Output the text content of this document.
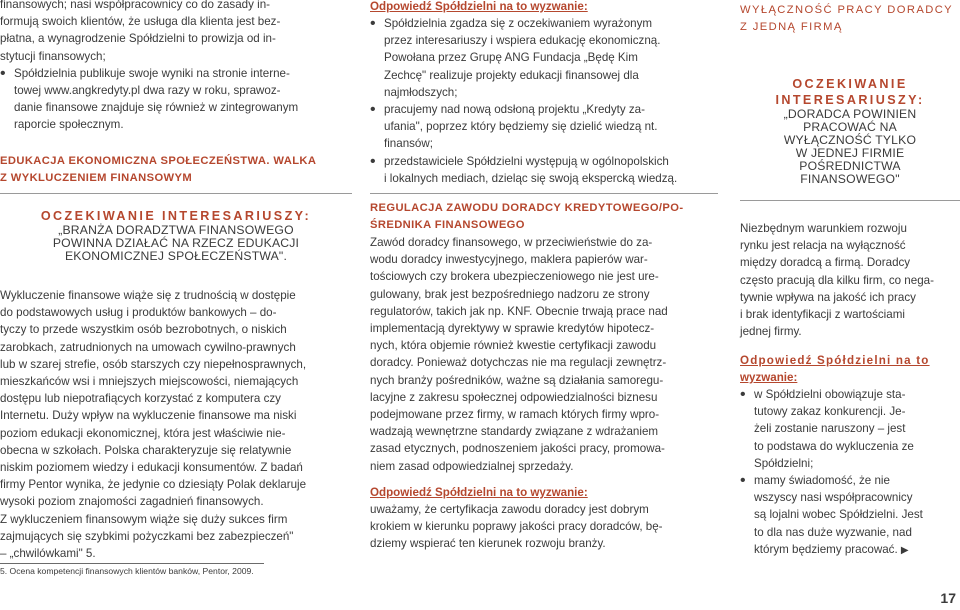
finansowych; nasi współpracownicy co do zasady in-

formują swoich klientów, że usługa dla klienta jest bez-

płatna, a wynagrodzenie Spółdzielni to prowizja od in-

stytucji finansowych;

• Spółdzielnia publikuje swoje wyniki na stronie interne-

towej www.angkredyty.pl dwa razy w roku, sprawoz-

danie finansowe znajduje się również w zintegrowanym

raporcie społecznym.

EDUKACJA EKONOMICZNA SPOŁECZEŃSTWA. WALKA

Z WYKLUCZENIEM FINANSOWYM

OCZEKIWANIE INTERESARIUSZY:

„BRANŻA DORADZTWA FINANSOWEGO

POWINNA DZIAŁAĆ NA RZECZ EDUKACJI

EKONOMICZNEJ SPOŁECZEŃSTWA".

Wykluczenie finansowe wiąże się z trudnością w dostępie

do podstawowych usług i produktów bankowych – do-

tyczy to przede wszystkim osób bezrobotnych, o niskich

zarobkach, zatrudnionych na umowach cywilno-prawnych

lub w szarej strefie, osób starszych czy niepełnosprawnych,

mieszkańców wsi i mniejszych miejscowości, niemających

dostępu lub niepotrafiących korzystać z komputera czy

Internetu. Duży wpływ na wykluczenie finansowe ma niski

poziom edukacji ekonomicznej, która jest właściwie nie-

obecna w szkołach. Polska charakteryzuje się relatywnie

niskim poziomem wiedzy i edukacji konsumentów. Z badań

firmy Pentor wynika, że jedynie co dziesiąty Polak deklaruje

wysoki poziom znajomości zagadnień finansowych.

Z wykluczeniem finansowym wiąże się duży sukces firm

zajmujących się szybkimi pożyczkami bez zabezpieczeń"

– „chwilówkami" 5.

Odpowiedź Spółdzielni na to wyzwanie:

• Spółdzielnia zgadza się z oczekiwaniem wyrażonym

przez interesariuszy i wspiera edukację ekonomiczną.

Powołana przez Grupę ANG Fundacja „Będę Kim

Zechcę" realizuje projekty edukacji finansowej dla

najmłodszych;

• pracujemy nad nową odsłoną projektu „Kredyty za-

ufania", poprzez który będziemy się dzielić wiedzą nt.

finansów;

• przedstawiciele Spółdzielni występują w ogólnopolskich

i lokalnych mediach, dzieląc się swoją ekspercką wiedzą.

REGULACJA ZAWODU DORADCY KREDYTOWEGO/PO-

ŚREDNIKA FINANSOWEGO

Zawód doradcy finansowego, w przeciwieństwie do za-

wodu doradcy inwestycyjnego, maklera papierów war-

tościowych czy brokera ubezpieczeniowego nie jest ure-

gulowany, brak jest bezpośredniego nadzoru ze strony

regulatorów, takich jak np. KNF. Obecnie trwają prace nad

implementacją dyrektywy w sprawie kredytów hipotecz-

nych, która objemie również kwestie certyfikacji zawodu

doradcy. Ponieważ dotychczas nie ma regulacji zewnętrz-

nych branży pośredników, ważne są działania samoregu-

lacyjne z zakresu społecznej odpowiedzialności biznesu

podejmowane przez firmy, w ramach których firmy wpro-

wadzają wewnętrzne standardy związane z wdrażaniem

zasad etycznych, podnoszeniem jakości pracy, promowa-

niem zasad odpowiedzialnej sprzedaży.

Odpowiedź Spółdzielni na to wyzwanie:

uważamy, że certyfikacja zawodu doradcy jest dobrym

krokiem w kierunku poprawy jakości pracy doradców, bę-

dziemy wspierać ten kierunek rozwoju branży.

WYŁĄCZNOŚĆ PRACY DORADCY

Z JEDNĄ FIRMĄ

OCZEKIWANIE

INTERESARIUSZY:

„DORADCA POWINIEN

PRACOWAĆ NA

WYŁĄCZNOŚĆ TYLKO

W JEDNEJ FIRMIE

POŚREDNICTWA

FINANSOWEGO"

Niezbędnym warunkiem rozwoju

rynku jest relacja na wyłączność

między doradcą a firmą. Doradcy

często pracują dla kilku firm, co nega-

tywnie wpływa na jakość ich pracy

i brak identyfikacji z wartościami

jednej firmy.

Odpowiedź Spółdzielni na to

wyzwanie:

• w Spółdzielni obowiązuje sta-

tutowy zakaz konkurencji. Je-

żeli zostanie naruszony – jest

to podstawa do wykluczenia ze

Spółdzielni;

• mamy świadomość, że nie

wszyscy nasi współpracownicy

są lojalni wobec Spółdzielni. Jest

to dla nas duże wyzwanie, nad

którym będziemy pracować. ▶

5. Ocena kompetencji finansowych klientów banków, Pentor, 2009.
17
